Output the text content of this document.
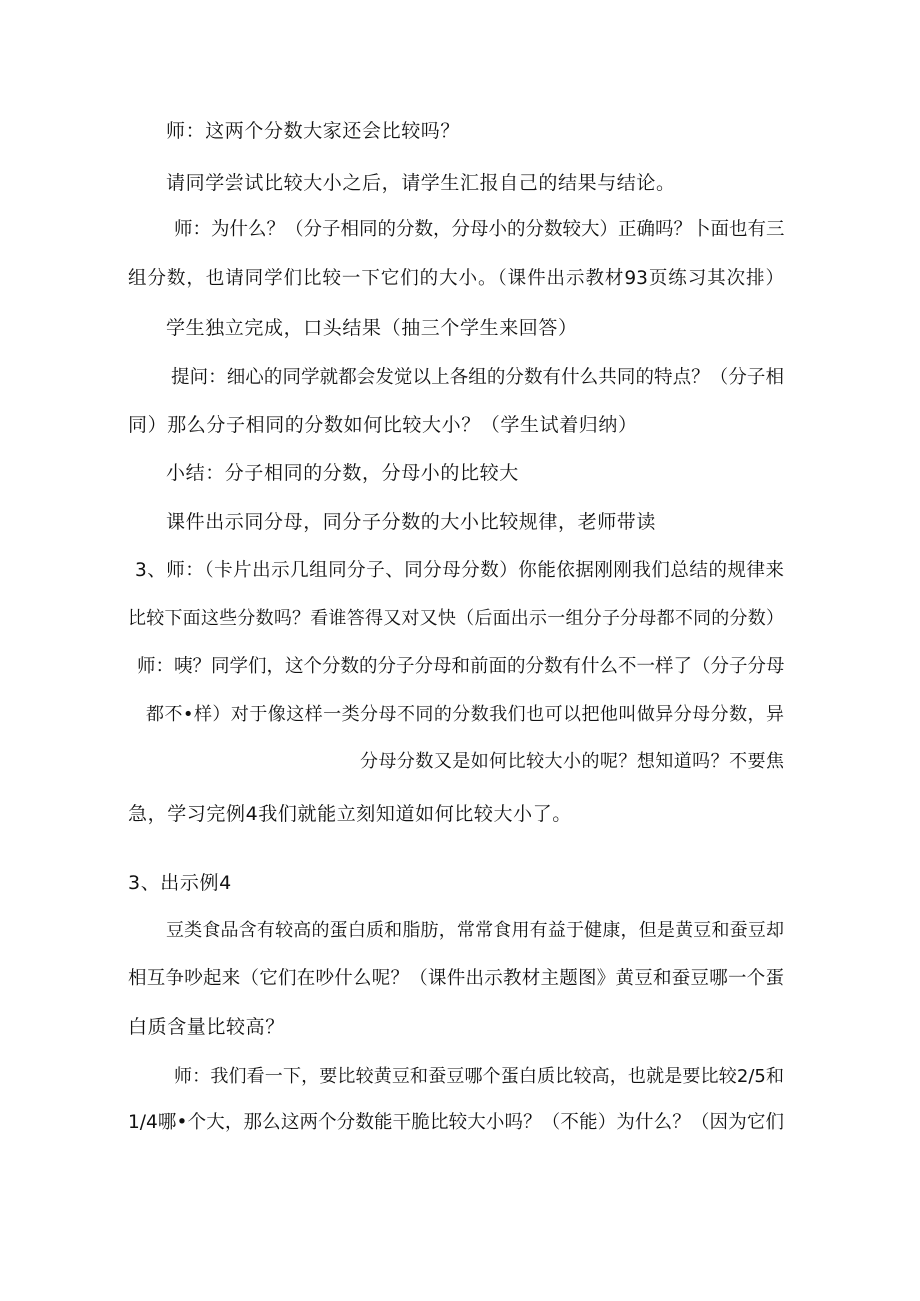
师：这两个分数大家还会比较吗？
请同学尝试比较大小之后，请学生汇报自己的结果与结论。
师：为什么？（分子相同的分数，分母小的分数较大）正确吗？卜面也有三
组分数，也请同学们比较一下它们的大小。（课件出示教材93页练习其次排）
学生独立完成，口头结果（抽三个学生来回答）
提问：细心的同学就都会发觉以上各组的分数有什么共同的特点？（分子相
同）那么分子相同的分数如何比较大小？（学生试着归纳）
小结：分子相同的分数，分母小的比较大
课件出示同分母，同分子分数的大小比较规律，老师带读
3、师：（卡片出示几组同分子、同分母分数）你能依据刚刚我们总结的规律来
比较下面这些分数吗？看谁答得又对又快（后面出示一组分子分母都不同的分数）
师：咦？同学们，这个分数的分子分母和前面的分数有什么不一样了（分子分母
都不•样）对于像这样一类分母不同的分数我们也可以把他叫做异分母分数，异
分母分数又是如何比较大小的呢？想知道吗？不要焦
急，学习完例4我们就能立刻知道如何比较大小了。
3、出示例4
豆类食品含有较高的蛋白质和脂肪，常常食用有益于健康，但是黄豆和蚕豆却
相互争吵起来（它们在吵什么呢？（课件出示教材主题图》黄豆和蚕豆哪一个蛋
白质含量比较高？
师：我们看一下，要比较黄豆和蚕豆哪个蛋白质比较高，也就是要比较2/5和
1/4哪•个大，那么这两个分数能干脆比较大小吗？（不能）为什么？（因为它们
